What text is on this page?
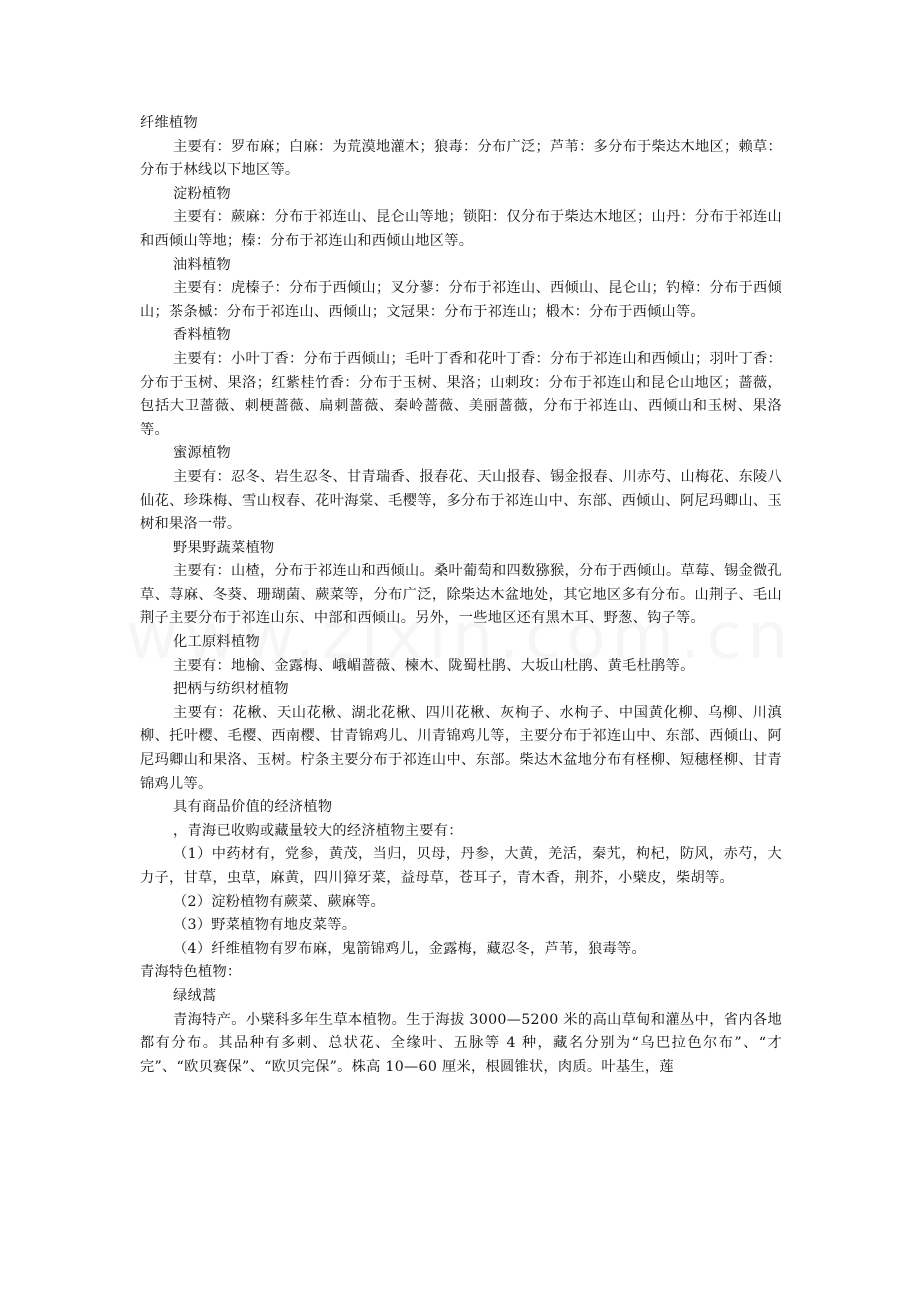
纤维植物

主要有：罗布麻；白麻：为荒漠地灌木；狼毒：分布广泛；芦苇：多分布于柴达木地区；赖草：分布于林线以下地区等。

淀粉植物

主要有：蕨麻：分布于祁连山、昆仑山等地；锁阳：仅分布于柴达木地区；山丹：分布于祁连山和西倾山等地；榛：分布于祁连山和西倾山地区等。

油料植物

主要有：虎榛子：分布于西倾山；叉分蓼：分布于祁连山、西倾山、昆仑山；钓樟：分布于西倾山；茶条槭：分布于祁连山、西倾山；文冠果：分布于祁连山；椴木：分布于西倾山等。

香料植物

主要有：小叶丁香：分布于西倾山；毛叶丁香和花叶丁香：分布于祁连山和西倾山；羽叶丁香：分布于玉树、果洛；红紫桂竹香：分布于玉树、果洛；山刺玫：分布于祁连山和昆仑山地区；蔷薇，包括大卫蔷薇、刺梗蔷薇、扁刺蔷薇、秦岭蔷薇、美丽蔷薇，分布于祁连山、西倾山和玉树、果洛等。

蜜源植物

主要有：忍冬、岩生忍冬、甘青瑞香、报春花、天山报春、锡金报春、川赤芍、山梅花、东陵八仙花、珍珠梅、雪山杈春、花叶海棠、毛樱等，多分布于祁连山中、东部、西倾山、阿尼玛卿山、玉树和果洛一带。

野果野蔬菜植物

主要有：山楂，分布于祁连山和西倾山。桑叶葡萄和四数猕猴，分布于西倾山。草莓、锡金微孔草、荨麻、冬葵、珊瑚菌、蕨菜等，分布广泛，除柴达木盆地处，其它地区多有分布。山荆子、毛山荆子主要分布于祁连山东、中部和西倾山。另外，一些地区还有黑木耳、野葱、钩子等。

化工原料植物

主要有：地榆、金露梅、峨嵋蔷薇、楝木、陇蜀杜鹃、大坂山杜鹃、黄毛杜鹃等。

把柄与纺织材植物

主要有：花楸、天山花楸、湖北花楸、四川花楸、灰栒子、水栒子、中国黄化柳、乌柳、川滇柳、托叶樱、毛樱、西南樱、甘青锦鸡儿、川青锦鸡儿等，主要分布于祁连山中、东部、西倾山、阿尼玛卿山和果洛、玉树。柠条主要分布于祁连山中、东部。柴达木盆地分布有柽柳、短穗柽柳、甘青锦鸡儿等。

具有商品价值的经济植物

，青海已收购或藏量较大的经济植物主要有：

（1）中药材有，党参，黄茂，当归，贝母，丹参，大黄，羌活，秦艽，枸杞，防风，赤芍，大力子，甘草，虫草，麻黄，四川獐牙菜，益母草，苍耳子，青木香，荆芥，小檗皮，柴胡等。

（2）淀粉植物有蕨菜、蕨麻等。

（3）野菜植物有地皮菜等。

（4）纤维植物有罗布麻，鬼箭锦鸡儿，金露梅，藏忍冬，芦苇，狼毒等。

青海特色植物：

绿绒蒿

青海特产。小檗科多年生草本植物。生于海拔 3000—5200 米的高山草甸和灌丛中，省内各地都有分布。其品种有多刺、总状花、全缘叶、五脉等 4 种，藏名分别为“乌巴拉色尔布”、“才完”、“欧贝赛保”、“欧贝完保”。株高 10—60 厘米，根圆锥状，肉质。叶基生，莲
